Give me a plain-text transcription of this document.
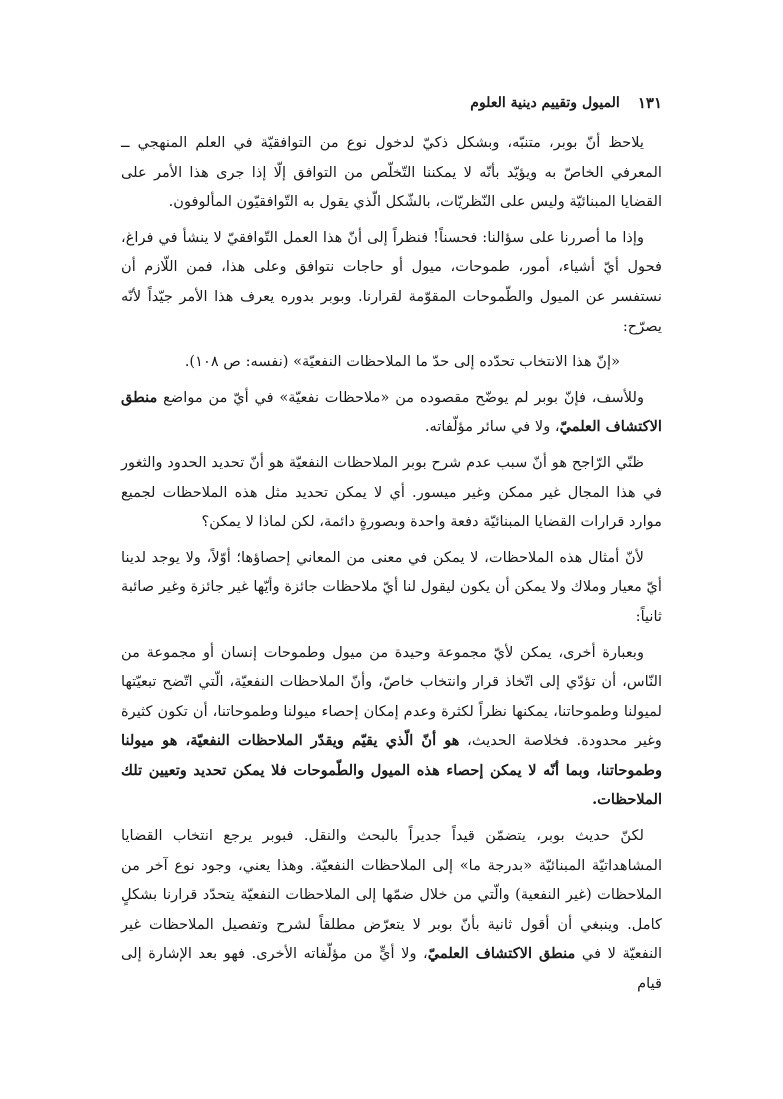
١٣١
الميول وتقييم دينية العلوم

يلاحظ أنّ بوبر، متنبّه، وبشكل ذكيّ لدخول نوع من التوافقيّة في العلم المنهجي ــ المعرفي الخاصّ به ويؤيّد بأنّه لا يمكننا التّخلّص من التوافق إلّا إذا جرى هذا الأمر على القضايا المبنائيّة وليس على النّظريّات، بالشّكل الّذي يقول به التّوافقيّون المألوفون.

وإذا ما أصررنا على سؤالنا: فحسناً! فنظراً إلى أنّ هذا العمل التّوافقيّ لا ينشأ في فراغ، فحول أيّ أشياء، أمور، طموحات، ميول أو حاجات نتوافق وعلى هذا، فمن اللّازم أن نستفسر عن الميول والطّموحات المقوّمة لقرارنا. وبوبر بدوره يعرف هذا الأمر جيّداً لأنّه يصرّح:

«إنّ هذا الانتخاب تحدّده إلى حدّ ما الملاحظات النفعيّة» (نفسه: ص ١٠٨).

وللأسف، فإنّ بوبر لم يوضّح مقصوده من «ملاحظات نفعيّة» في أيّ من مواضع منطق الاكتشاف العلميّ، ولا في سائر مؤلّفاته.

ظنّي الرّاجح هو أنّ سبب عدم شرح بوبر الملاحظات النفعيّة هو أنّ تحديد الحدود والثغور في هذا المجال غير ممكن وغير ميسور. أي لا يمكن تحديد مثل هذه الملاحظات لجميع موارد قرارات القضايا المبنائيّة دفعة واحدة وبصورةٍ دائمة، لكن لماذا لا يمكن؟

لأنّ أمثال هذه الملاحظات، لا يمكن في معنى من المعاني إحصاؤها؛ أوّلاً، ولا يوجد لدينا أيّ معيار وملاك ولا يمكن أن يكون ليقول لنا أيّ ملاحظات جائزة وأيّها غير جائزة وغير صائبة ثانياً:

وبعبارة أخرى، يمكن لأيّ مجموعة وحيدة من ميول وطموحات إنسان أو مجموعة من النّاس، أن تؤدّي إلى اتّخاذ قرار وانتخاب خاصّ، وأنّ الملاحظات النفعيّة، الّتي اتّضح تبعيّتها لميولنا وطموحاتنا، يمكنها نظراً لكثرة وعدم إمكان إحصاء ميولنا وطموحاتنا، أن تكون كثيرة وغير محدودة. فخلاصة الحديث، هو أنّ الّذي يقيّم ويقدّر الملاحظات النفعيّة، هو ميولنا وطموحاتنا، وبما أنّه لا يمكن إحصاء هذه الميول والطّموحات فلا يمكن تحديد وتعيين تلك الملاحظات.

لكنّ حديث بوبر، يتضمّن قيداً جديراً بالبحث والنقل. فبوبر يرجع انتخاب القضايا المشاهداتيّة المبنائيّة «بدرجة ما» إلى الملاحظات النفعيّة. وهذا يعني، وجود نوع آخر من الملاحظات (غير النفعية) والّتي من خلال ضمّها إلى الملاحظات النفعيّة يتحدّد قرارنا بشكلٍ كامل. وينبغي أن أقول ثانية بأنّ بوبر لا يتعرّض مطلقاً لشرح وتفصيل الملاحظات غير النفعيّة لا في منطق الاكتشاف العلميّ، ولا أيٍّ من مؤلّفاته الأخرى. فهو بعد الإشارة إلى قيام
